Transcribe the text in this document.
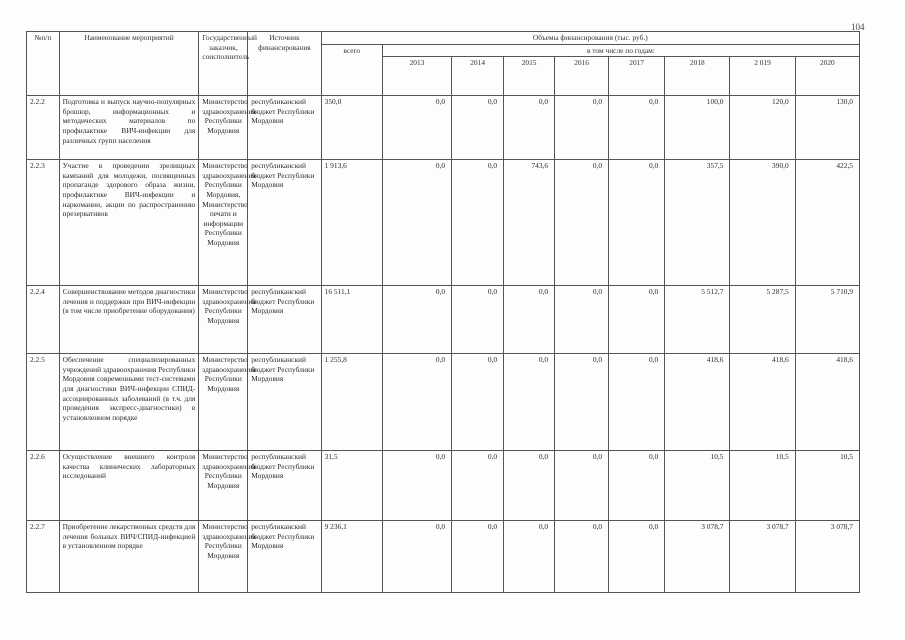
104
№п/п	Наименование мероприятий	Государственный заказчик, соисполнитель	Источник финансирования	Объемы финансирования (тыс. руб.)								
				всего	в том числе по годам:							
					2013	2014	2015	2016	2017	2018	2 019	2020
2.2.2	Подготовка и выпуск научно-популярных брошюр, информационных и методических материалов по профилактике ВИЧ-инфекции для различных групп населения	Министерство здравоохранения Республики Мордовия	республиканский бюджет Республики Мордовия	350,0	0,0	0,0	0,0	0,0	0,0	100,0	120,0	130,0
2.2.3	Участие в проведении зрелищных кампаний для молодежи, посвященных пропаганде здорового образа жизни, профилактике ВИЧ-инфекции и наркомании, акции по распространению презервативов	Министерство здравоохранения Республики Мордовия, Министерство печати и информации Республики Мордовия	республиканский бюджет Республики Мордовия	1 913,6	0,0	0,0	743,6	0,0	0,0	357,5	390,0	422,5
2.2.4	Совершенствование методов диагностики лечения и поддержки при ВИЧ-инфекции (в том числе приобретение оборудования)	Министерство здравоохранения Республики Мордовия	республиканский бюджет Республики Мордовия	16 511,1	0,0	0,0	0,0	0,0	0,0	5 512,7	5 287,5	5 710,9
2.2.5	Обеспечение специализированных учреждений здравоохранения Республики Мордовия современными тест-системами для диагностики ВИЧ-инфекции СПИД-ассоциированных заболеваний (в т.ч. для проведения экспресс-диагностики) в установленном порядке	Министерство здравоохранения Республики Мордовия	республиканский бюджет Республики Мордовия	1 255,8	0,0	0,0	0,0	0,0	0,0	418,6	418,6	418,6
2.2.6	Осуществление внешнего контроля качества клинических лабораторных исследований	Министерство здравоохранения Республики Мордовия	республиканский бюджет Республики Мордовия	31,5	0,0	0,0	0,0	0,0	0,0	10,5	10,5	10,5
2.2.7	Приобретение лекарственных средств для лечения больных ВИЧ/СПИД-инфекцией в установленном порядке	Министерство здравоохранения Республики Мордовия	республиканский бюджет Республики Мордовия	9 236,1	0,0	0,0	0,0	0,0	0,0	3 078,7	3 078,7	3 078,7
